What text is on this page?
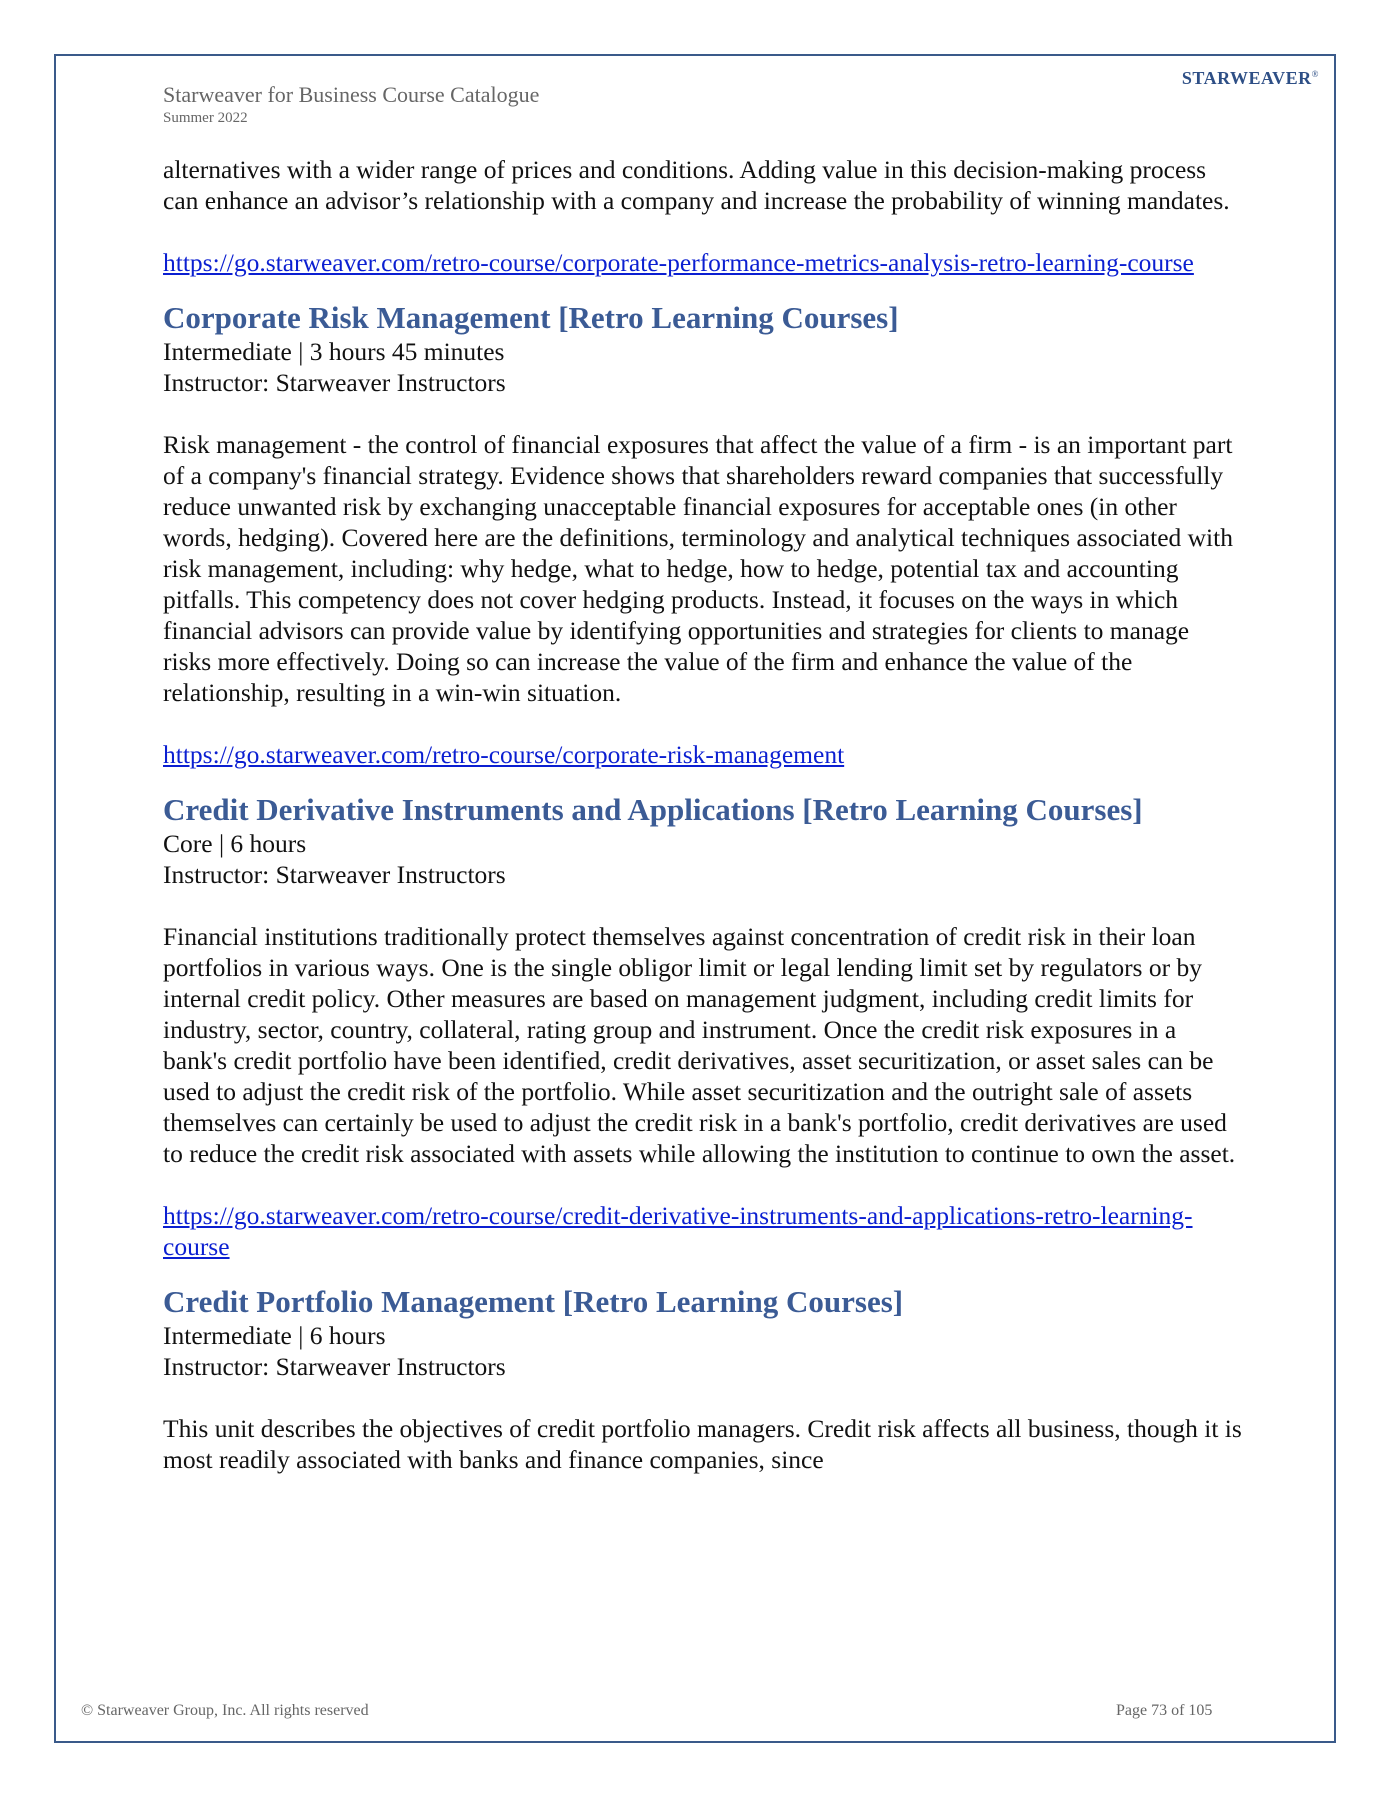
STARWEAVER®
Starweaver for Business Course Catalogue
Summer 2022

alternatives with a wider range of prices and conditions. Adding value in this decision-making process can enhance an advisor’s relationship with a company and increase the probability of winning mandates.

https://go.starweaver.com/retro-course/corporate-performance-metrics-analysis-retro-learning-course

Corporate Risk Management [Retro Learning Courses]

Intermediate | 3 hours 45 minutes

Instructor: Starweaver Instructors

Risk management - the control of financial exposures that affect the value of a firm - is an important part of a company's financial strategy. Evidence shows that shareholders reward companies that successfully reduce unwanted risk by exchanging unacceptable financial exposures for acceptable ones (in other words, hedging). Covered here are the definitions, terminology and analytical techniques associated with risk management, including: why hedge, what to hedge, how to hedge, potential tax and accounting pitfalls. This competency does not cover hedging products. Instead, it focuses on the ways in which financial advisors can provide value by identifying opportunities and strategies for clients to manage risks more effectively. Doing so can increase the value of the firm and enhance the value of the relationship, resulting in a win-win situation.

https://go.starweaver.com/retro-course/corporate-risk-management

Credit Derivative Instruments and Applications [Retro Learning Courses]

Core | 6 hours

Instructor: Starweaver Instructors

Financial institutions traditionally protect themselves against concentration of credit risk in their loan portfolios in various ways. One is the single obligor limit or legal lending limit set by regulators or by internal credit policy. Other measures are based on management judgment, including credit limits for industry, sector, country, collateral, rating group and instrument. Once the credit risk exposures in a bank's credit portfolio have been identified, credit derivatives, asset securitization, or asset sales can be used to adjust the credit risk of the portfolio. While asset securitization and the outright sale of assets themselves can certainly be used to adjust the credit risk in a bank's portfolio, credit derivatives are used to reduce the credit risk associated with assets while allowing the institution to continue to own the asset.

https://go.starweaver.com/retro-course/credit-derivative-instruments-and-applications-retro-learning-course

Credit Portfolio Management [Retro Learning Courses]

Intermediate | 6 hours

Instructor: Starweaver Instructors

This unit describes the objectives of credit portfolio managers. Credit risk affects all business, though it is most readily associated with banks and finance companies, since

© Starweaver Group, Inc. All rights reserved	Page 73 of 105
